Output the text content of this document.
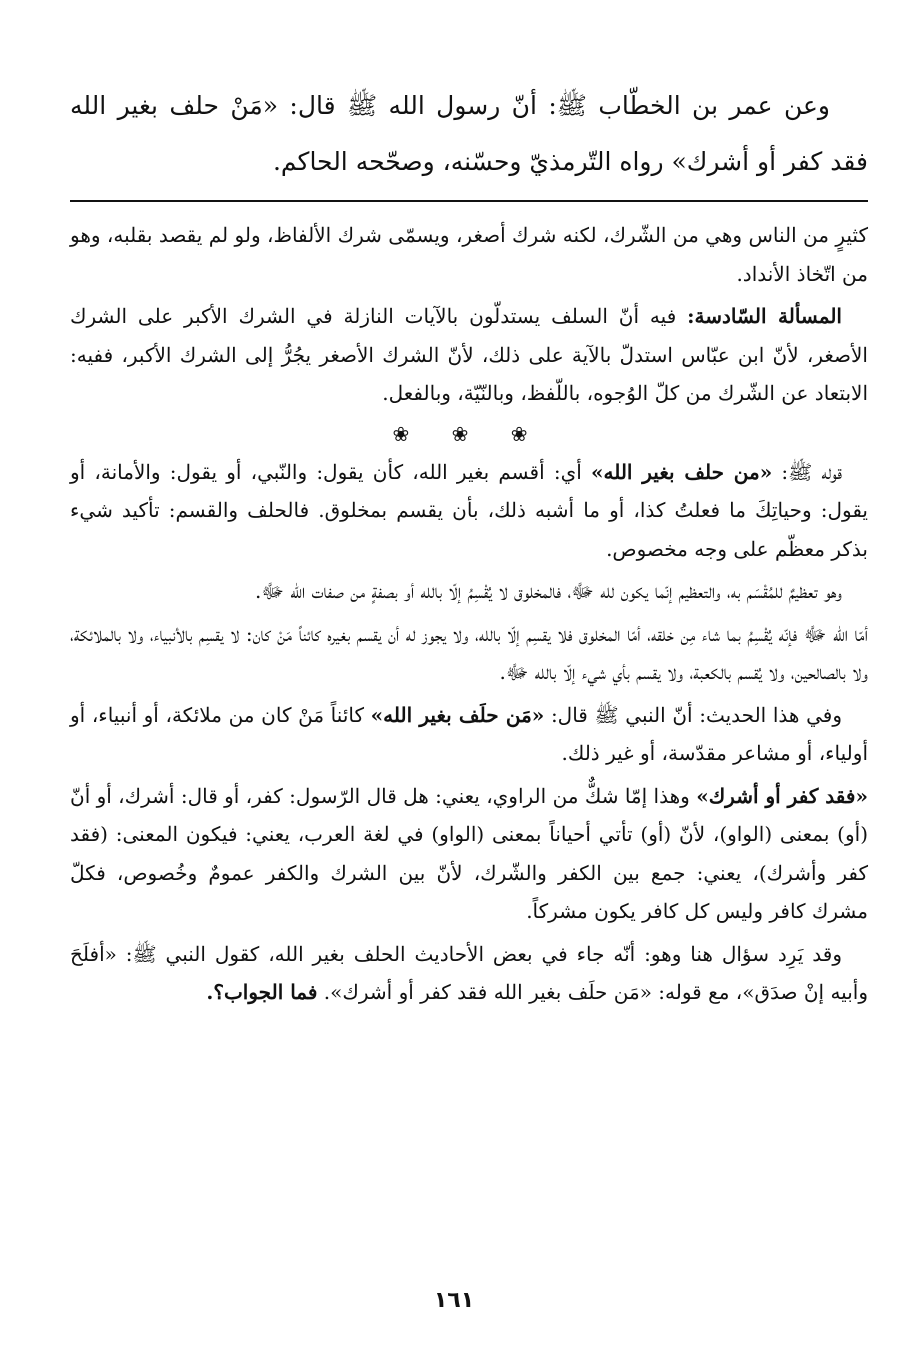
وعن عمر بن الخطّاب ﷺ: أنّ رسول الله ﷺ قال: «مَنْ حلف بغير الله فقد كفر أو أشرك» رواه التّرمذيّ وحسّنه، وصحّحه الحاكم.

كثيرٍ من الناس وهي من الشّرك، لكنه شرك أصغر، ويسمّى شرك الألفاظ، ولو لم يقصد بقلبه، وهو من اتّخاذ الأنداد.

المسألة السّادسة: فيه أنّ السلف يستدلّون بالآيات النازلة في الشرك الأكبر على الشرك الأصغر، لأنّ ابن عبّاس استدلّ بالآية على ذلك، لأنّ الشرك الأصغر يجُرُّ إلى الشرك الأكبر، ففيه: الابتعاد عن الشّرك من كلّ الوُجوه، باللّفظ، وبالنّيّة، وبالفعل.

❀ ❀ ❀

قوله ﷺ: «من حلف بغير الله» أي: أقسم بغير الله، كأن يقول: والنّبي، أو يقول: والأمانة، أو يقول: وحياتِكَ ما فعلتُ كذا، أو ما أشبه ذلك، بأن يقسم بمخلوق. فالحلف والقسم: تأكيد شيء بذكر معظّم على وجه مخصوص.

وهو تعظيمٌ للمُقْسَم به، والتعظيم إنّما يكون لله ﷻ، فالمخلوق لا يُقْسِمُ إلّا بالله أو بصفةٍ من صفات الله ﷻ.

أمّا الله ﷻ فإنّه يُقْسِمُ بما شاء مِن خلقه، أمّا المخلوق فلا يقسِم إلّا بالله، ولا يجوز له أن يقسم بغيره كائناً مَنْ كان: لا يقسِم بالأنبياء، ولا بالملائكة، ولا بالصالحين، ولا يُقسم بالكعبة، ولا يقسم بأي شيء إلّا بالله ﷻ.

وفي هذا الحديث: أنّ النبي ﷺ قال: «مَن حلَف بغير الله» كائناً مَنْ كان من ملائكة، أو أنبياء، أو أولياء، أو مشاعر مقدّسة، أو غير ذلك.

«فقد كفر أو أشرك» وهذا إمّا شكٌّ من الراوي، يعني: هل قال الرّسول: كفر، أو قال: أشرك، أو أنّ (أو) بمعنى (الواو)، لأنّ (أو) تأتي أحياناً بمعنى (الواو) في لغة العرب، يعني: فيكون المعنى: (فقد كفر وأشرك)، يعني: جمع بين الكفر والشّرك، لأنّ بين الشرك والكفر عمومٌ وخُصوص، فكلّ مشرك كافر وليس كل كافر يكون مشركاً.

وقد يَرِد سؤال هنا وهو: أنّه جاء في بعض الأحاديث الحلف بغير الله، كقول النبي ﷺ: «أفلَحَ وأبيه إنْ صدَق»، مع قوله: «مَن حلَف بغير الله فقد كفر أو أشرك». فما الجواب؟.

١٦١
